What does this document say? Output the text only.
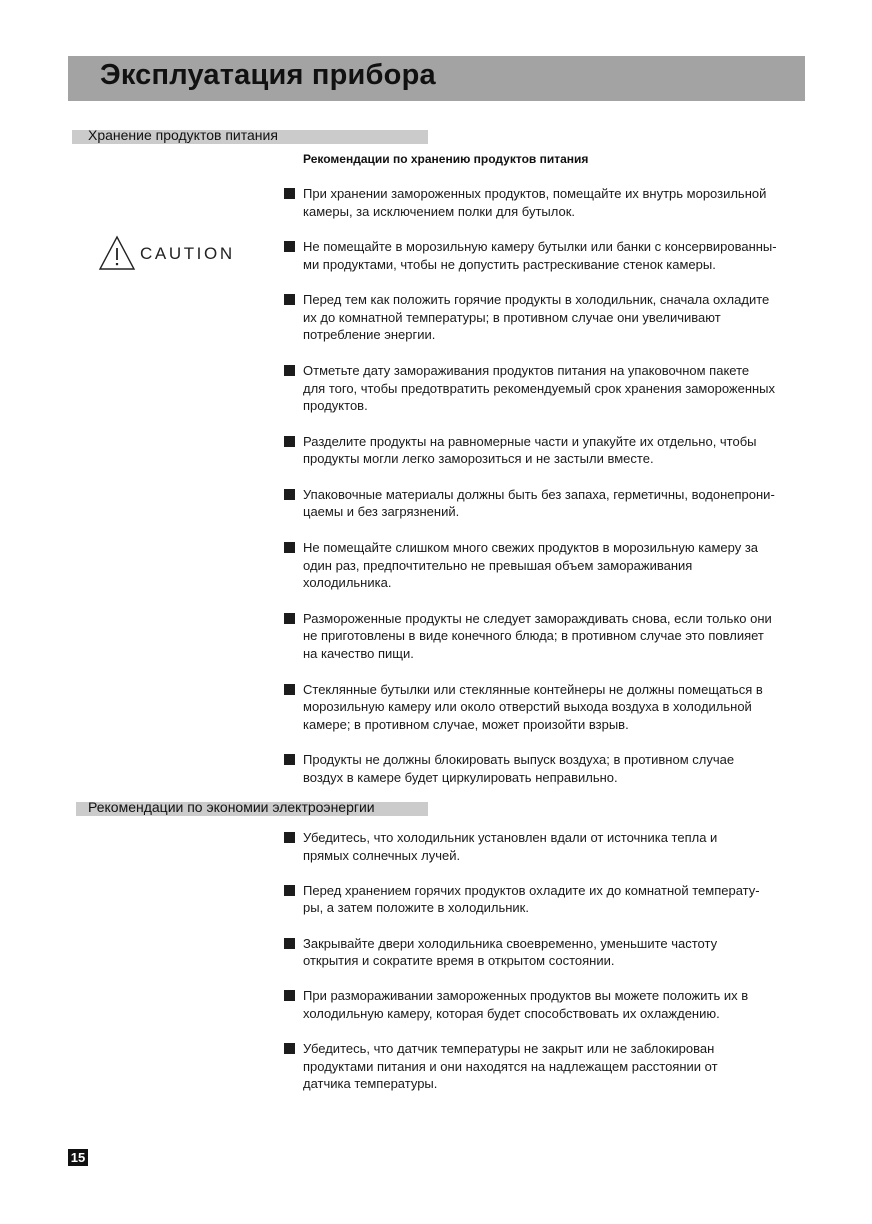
Эксплуатация прибора
Хранение продуктов питания
CAUTION
Рекомендации по хранению продуктов питания
При хранении замороженных продуктов, помещайте их внутрь морозильной
камеры, за исключением полки для бутылок.
Не помещайте в морозильную камеру бутылки или банки с консервированны-
ми продуктами, чтобы не допустить растрескивание стенок камеры.
Перед тем как положить горячие продукты в холодильник, сначала охладите
их до комнатной температуры; в противном случае они увеличивают
потребление энергии.
Отметьте дату замораживания продуктов питания на упаковочном пакете
для того, чтобы предотвратить рекомендуемый срок хранения замороженных
продуктов.
Разделите продукты на равномерные части и упакуйте их отдельно, чтобы
продукты могли легко заморозиться и не застыли вместе.
Упаковочные материалы должны быть без запаха, герметичны, водонепрони-
цаемы и без загрязнений.
Не помещайте слишком много свежих продуктов в морозильную камеру за
один раз, предпочтительно не превышая объем замораживания
холодильника.
Размороженные продукты не следует замораждивать снова, если только они
не приготовлены в виде конечного блюда; в противном случае это повлияет
на качество пищи.
Стеклянные бутылки или стеклянные контейнеры не должны помещаться в
морозильную камеру или около отверстий выхода воздуха в холодильной
камере; в противном случае, может произойти взрыв.
Продукты не должны блокировать выпуск воздуха; в противном случае
воздух в камере будет циркулировать неправильно.
Рекомендации по экономии электроэнергии
Убедитесь, что холодильник установлен вдали от источника тепла и
прямых солнечных лучей.
Перед хранением горячих продуктов охладите их до комнатной температу-
ры, а затем положите в холодильник.
Закрывайте двери холодильника своевременно, уменьшите частоту
открытия и сократите время в открытом состоянии.
При размораживании замороженных продуктов вы можете положить их в
холодильную камеру, которая будет способствовать их охлаждению.
Убедитесь, что датчик температуры не закрыт или не заблокирован
продуктами питания и они находятся на надлежащем расстоянии от
датчика температуры.
15
